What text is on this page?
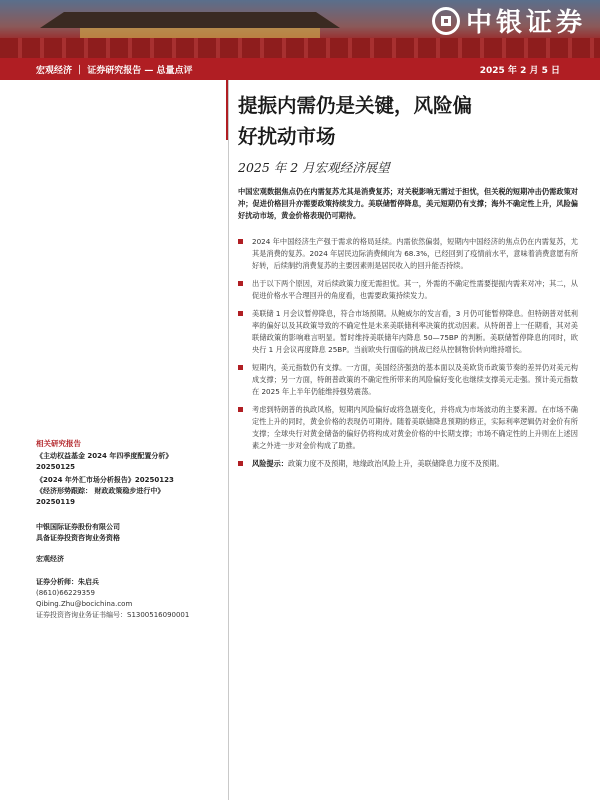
中银证券
宏观经济 ｜ 证券研究报告 — 总量点评	2025 年 2 月 5 日
相关研究报告
《主动权益基金 2024 年四季度配置分析》
20250125
《2024 年外汇市场分析报告》20250123
《经济形势跟踪： 财政政策稳步进行中》
20250119
中银国际证券股份有限公司
具备证券投资咨询业务资格
宏观经济
证券分析师：朱启兵
(8610)66229359
Qibing.Zhu@bocichina.com
证券投资咨询业务证书编号：S1300516090001
提振内需仍是关键，风险偏
好扰动市场
2025 年 2 月宏观经济展望
中国宏观数据焦点仍在内需复苏尤其是消费复苏；对关税影响无需过于担忧，但关税的短期冲击仍需政策对冲；促进价格回升亦需要政策持续发力。美联储暂停降息，美元短期仍有支撑；海外不确定性上升，风险偏好扰动市场，黄金价格表现仍可期待。
2024 年中国经济生产强于需求的格局延续。内需依然偏弱，短期内中国经济的焦点仍在内需复苏，尤其是消费的复苏。2024 年居民边际消费倾向为 68.3%，已经回到了疫情前水平，意味着消费意愿有所好转，后续制约消费复苏的主要因素则是居民收入的回升能否持续。
出于以下两个原因，对后续政策力度无需担忧。其一，外需的不确定性需要提振内需来对冲；其二，从促进价格水平合理回升的角度看，也需要政策持续发力。
美联储 1 月会议暂停降息，符合市场预期。从鲍威尔的发言看，3 月仍可能暂停降息。但特朗普对低利率的偏好以及其政策导致的不确定性是未来美联储利率决策的扰动因素。从特朗普上一任期看，其对美联储政策的影响难言明显。暂时维持美联储年内降息 50—75BP 的判断。美联储暂停降息的同时，欧央行 1 月会议再度降息 25BP。当前欧央行面临的挑战已经从控制物价转向维持增长。
短期内，美元指数仍有支撑。一方面，美国经济强劲的基本面以及美欧货币政策节奏的差异仍对美元构成支撑；另一方面，特朗普政策的不确定性所带来的风险偏好变化也继续支撑美元走强。预计美元指数在 2025 年上半年仍能维持强势震荡。
考虑到特朗普的执政风格，短期内风险偏好或将急剧变化，并将成为市场波动的主要来源。在市场不确定性上升的同时，黄金价格的表现仍可期待。随着美联储降息预期的修正，实际利率逻辑仍对金价有所支撑；全球央行对黄金储备的偏好仍将构成对黄金价格的中长期支撑；市场不确定性的上升则在上述因素之外进一步对金价构成了助推。
风险提示：政策力度不及预期，地缘政治风险上升，美联储降息力度不及预期。
